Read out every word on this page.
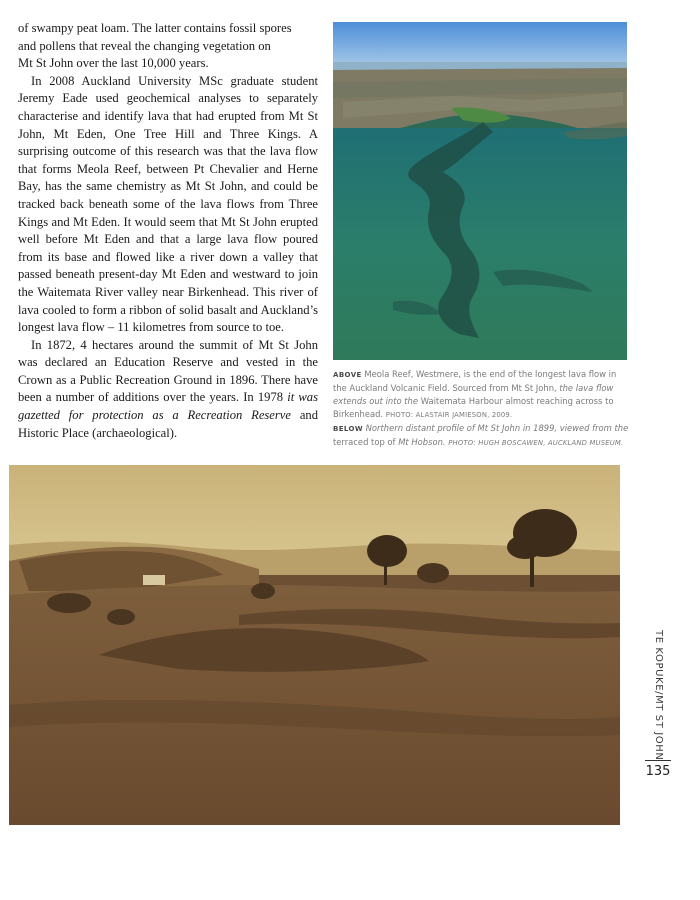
of swampy peat loam. The latter contains fossil spores
and pollens that reveal the changing vegetation on
Mt St John over the last 10,000 years.

In 2008 Auckland University MSc graduate student Jeremy Eade used geochemical analyses to separately characterise and identify lava that had erupted from Mt St John, Mt Eden, One Tree Hill and Three Kings. A surprising outcome of this research was that the lava flow that forms Meola Reef, between Pt Chevalier and Herne Bay, has the same chemistry as Mt St John, and could be tracked back beneath some of the lava flows from Three Kings and Mt Eden. It would seem that Mt St John erupted well before Mt Eden and that a large lava flow poured from its base and flowed like a river down a valley that passed beneath present-day Mt Eden and westward to join the Waitemata River valley near Birkenhead. This river of lava cooled to form a ribbon of solid basalt and Auckland’s longest lava flow – 11 kilometres from source to toe.

In 1872, 4 hectares around the summit of Mt St John was declared an Education Reserve and vested in the Crown as a Public Recreation Ground in 1896. There have been a number of additions over the years. In 1978 it was gazetted for protection as a Recreation Reserve and Historic Place (archaeological).

ABOVE Meola Reef, Westmere, is the end of the longest lava flow in the Auckland Volcanic Field. Sourced from Mt St John, the lava flow extends out into the Waitemata Harbour almost reaching across to Birkenhead. PHOTO: ALASTAIR JAMIESON, 2009.

BELOW Northern distant profile of Mt St John in 1899, viewed from the terraced top of Mt Hobson. PHOTO: HUGH BOSCAWEN, AUCKLAND MUSEUM.

TE KOPUKE/MT ST JOHN
135
